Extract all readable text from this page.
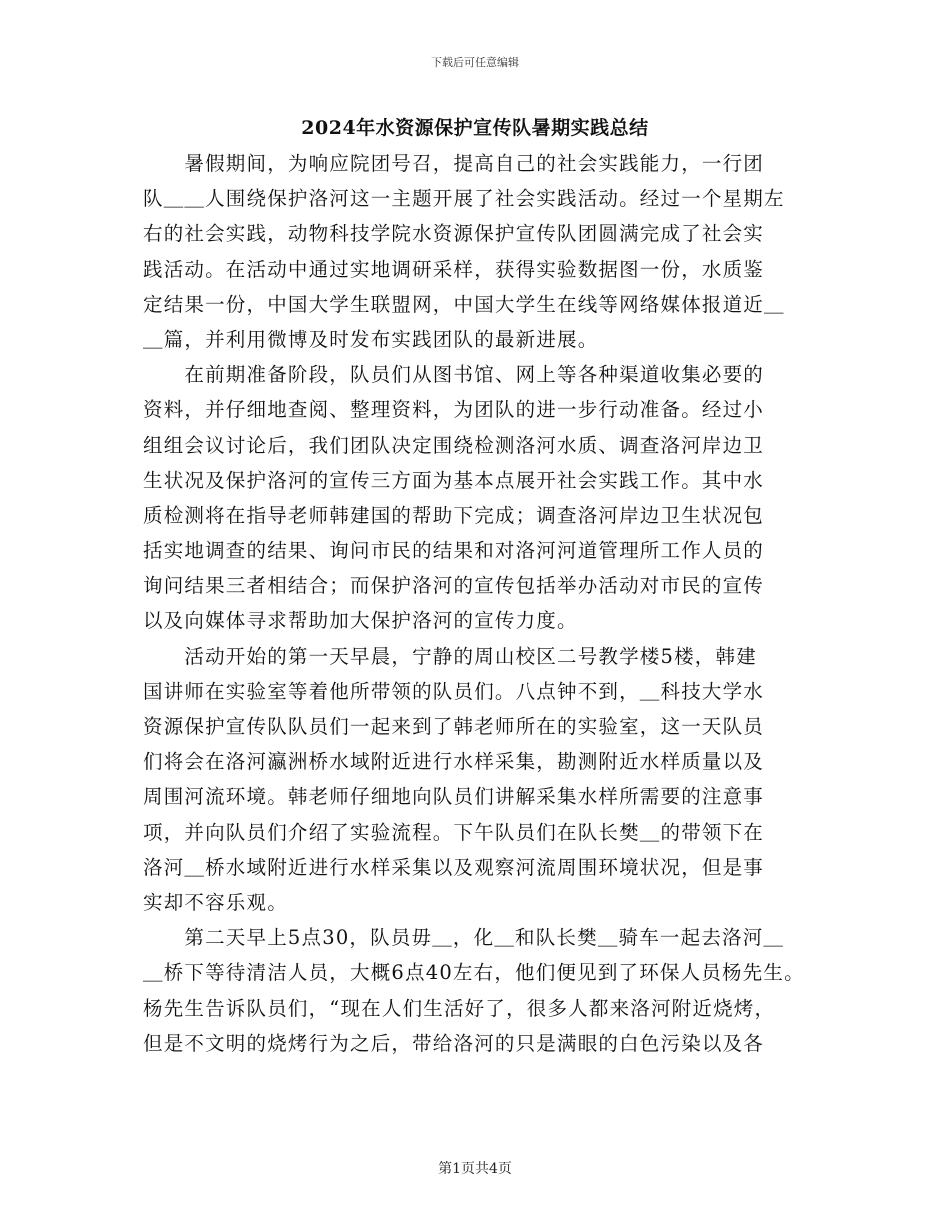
下载后可任意编辑
2024年水资源保护宣传队暑期实践总结
　　暑假期间，为响应院团号召，提高自己的社会实践能力，一行团
队＿＿人围绕保护洛河这一主题开展了社会实践活动。经过一个星期左
右的社会实践，动物科技学院水资源保护宣传队团圆满完成了社会实
践活动。在活动中通过实地调研采样，获得实验数据图一份，水质鉴
定结果一份，中国大学生联盟网，中国大学生在线等网络媒体报道近＿
＿篇，并利用微博及时发布实践团队的最新进展。
　　在前期准备阶段，队员们从图书馆、网上等各种渠道收集必要的
资料，并仔细地查阅、整理资料，为团队的进一步行动准备。经过小
组组会议讨论后，我们团队决定围绕检测洛河水质、调查洛河岸边卫
生状况及保护洛河的宣传三方面为基本点展开社会实践工作。其中水
质检测将在指导老师韩建国的帮助下完成；调查洛河岸边卫生状况包
括实地调查的结果、询问市民的结果和对洛河河道管理所工作人员的
询问结果三者相结合；而保护洛河的宣传包括举办活动对市民的宣传
以及向媒体寻求帮助加大保护洛河的宣传力度。
　　活动开始的第一天早晨，宁静的周山校区二号教学楼5楼，韩建
国讲师在实验室等着他所带领的队员们。八点钟不到，＿科技大学水
资源保护宣传队队员们一起来到了韩老师所在的实验室，这一天队员
们将会在洛河瀛洲桥水域附近进行水样采集，勘测附近水样质量以及
周围河流环境。韩老师仔细地向队员们讲解采集水样所需要的注意事
项，并向队员们介绍了实验流程。下午队员们在队长樊＿的带领下在
洛河＿桥水域附近进行水样采集以及观察河流周围环境状况，但是事
实却不容乐观。
　　第二天早上5点30，队员毋＿，化＿和队长樊＿骑车一起去洛河＿
＿桥下等待清洁人员，大概6点40左右，他们便见到了环保人员杨先生。
杨先生告诉队员们，“现在人们生活好了，很多人都来洛河附近烧烤，
但是不文明的烧烤行为之后，带给洛河的只是满眼的白色污染以及各
第1页共4页
